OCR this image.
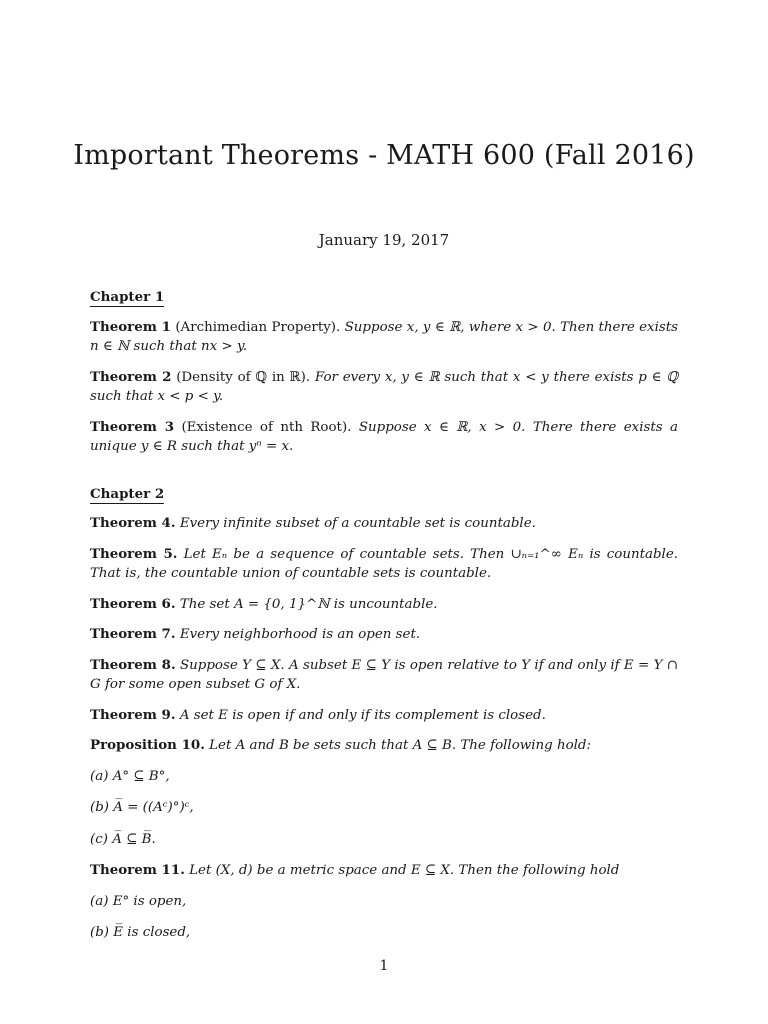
Important Theorems - MATH 600 (Fall 2016)
January 19, 2017
Chapter 1

Theorem 1 (Archimedian Property). Suppose x, y ∈ ℝ, where x > 0. Then there exists n ∈ ℕ such that nx > y.

Theorem 2 (Density of ℚ in ℝ). For every x, y ∈ ℝ such that x < y there exists p ∈ ℚ such that x < p < y.

Theorem 3 (Existence of nth Root). Suppose x ∈ ℝ, x > 0. There there exists a unique y ∈ R such that yⁿ = x.

Chapter 2

Theorem 4. Every infinite subset of a countable set is countable.

Theorem 5. Let Eₙ be a sequence of countable sets. Then ∪ₙ₌₁^∞ Eₙ is countable. That is, the countable union of countable sets is countable.

Theorem 6. The set A = {0, 1}^ℕ is uncountable.

Theorem 7. Every neighborhood is an open set.

Theorem 8. Suppose Y ⊆ X. A subset E ⊆ Y is open relative to Y if and only if E = Y ∩ G for some open subset G of X.

Theorem 9. A set E is open if and only if its complement is closed.

Proposition 10. Let A and B be sets such that A ⊆ B. The following hold:

(a) A° ⊆ B°,

(b) A̅ = ((Aᶜ)°)ᶜ,

(c) A̅ ⊆ B̅.

Theorem 11. Let (X, d) be a metric space and E ⊆ X. Then the following hold

(a) E° is open,

(b) E̅ is closed,

1
